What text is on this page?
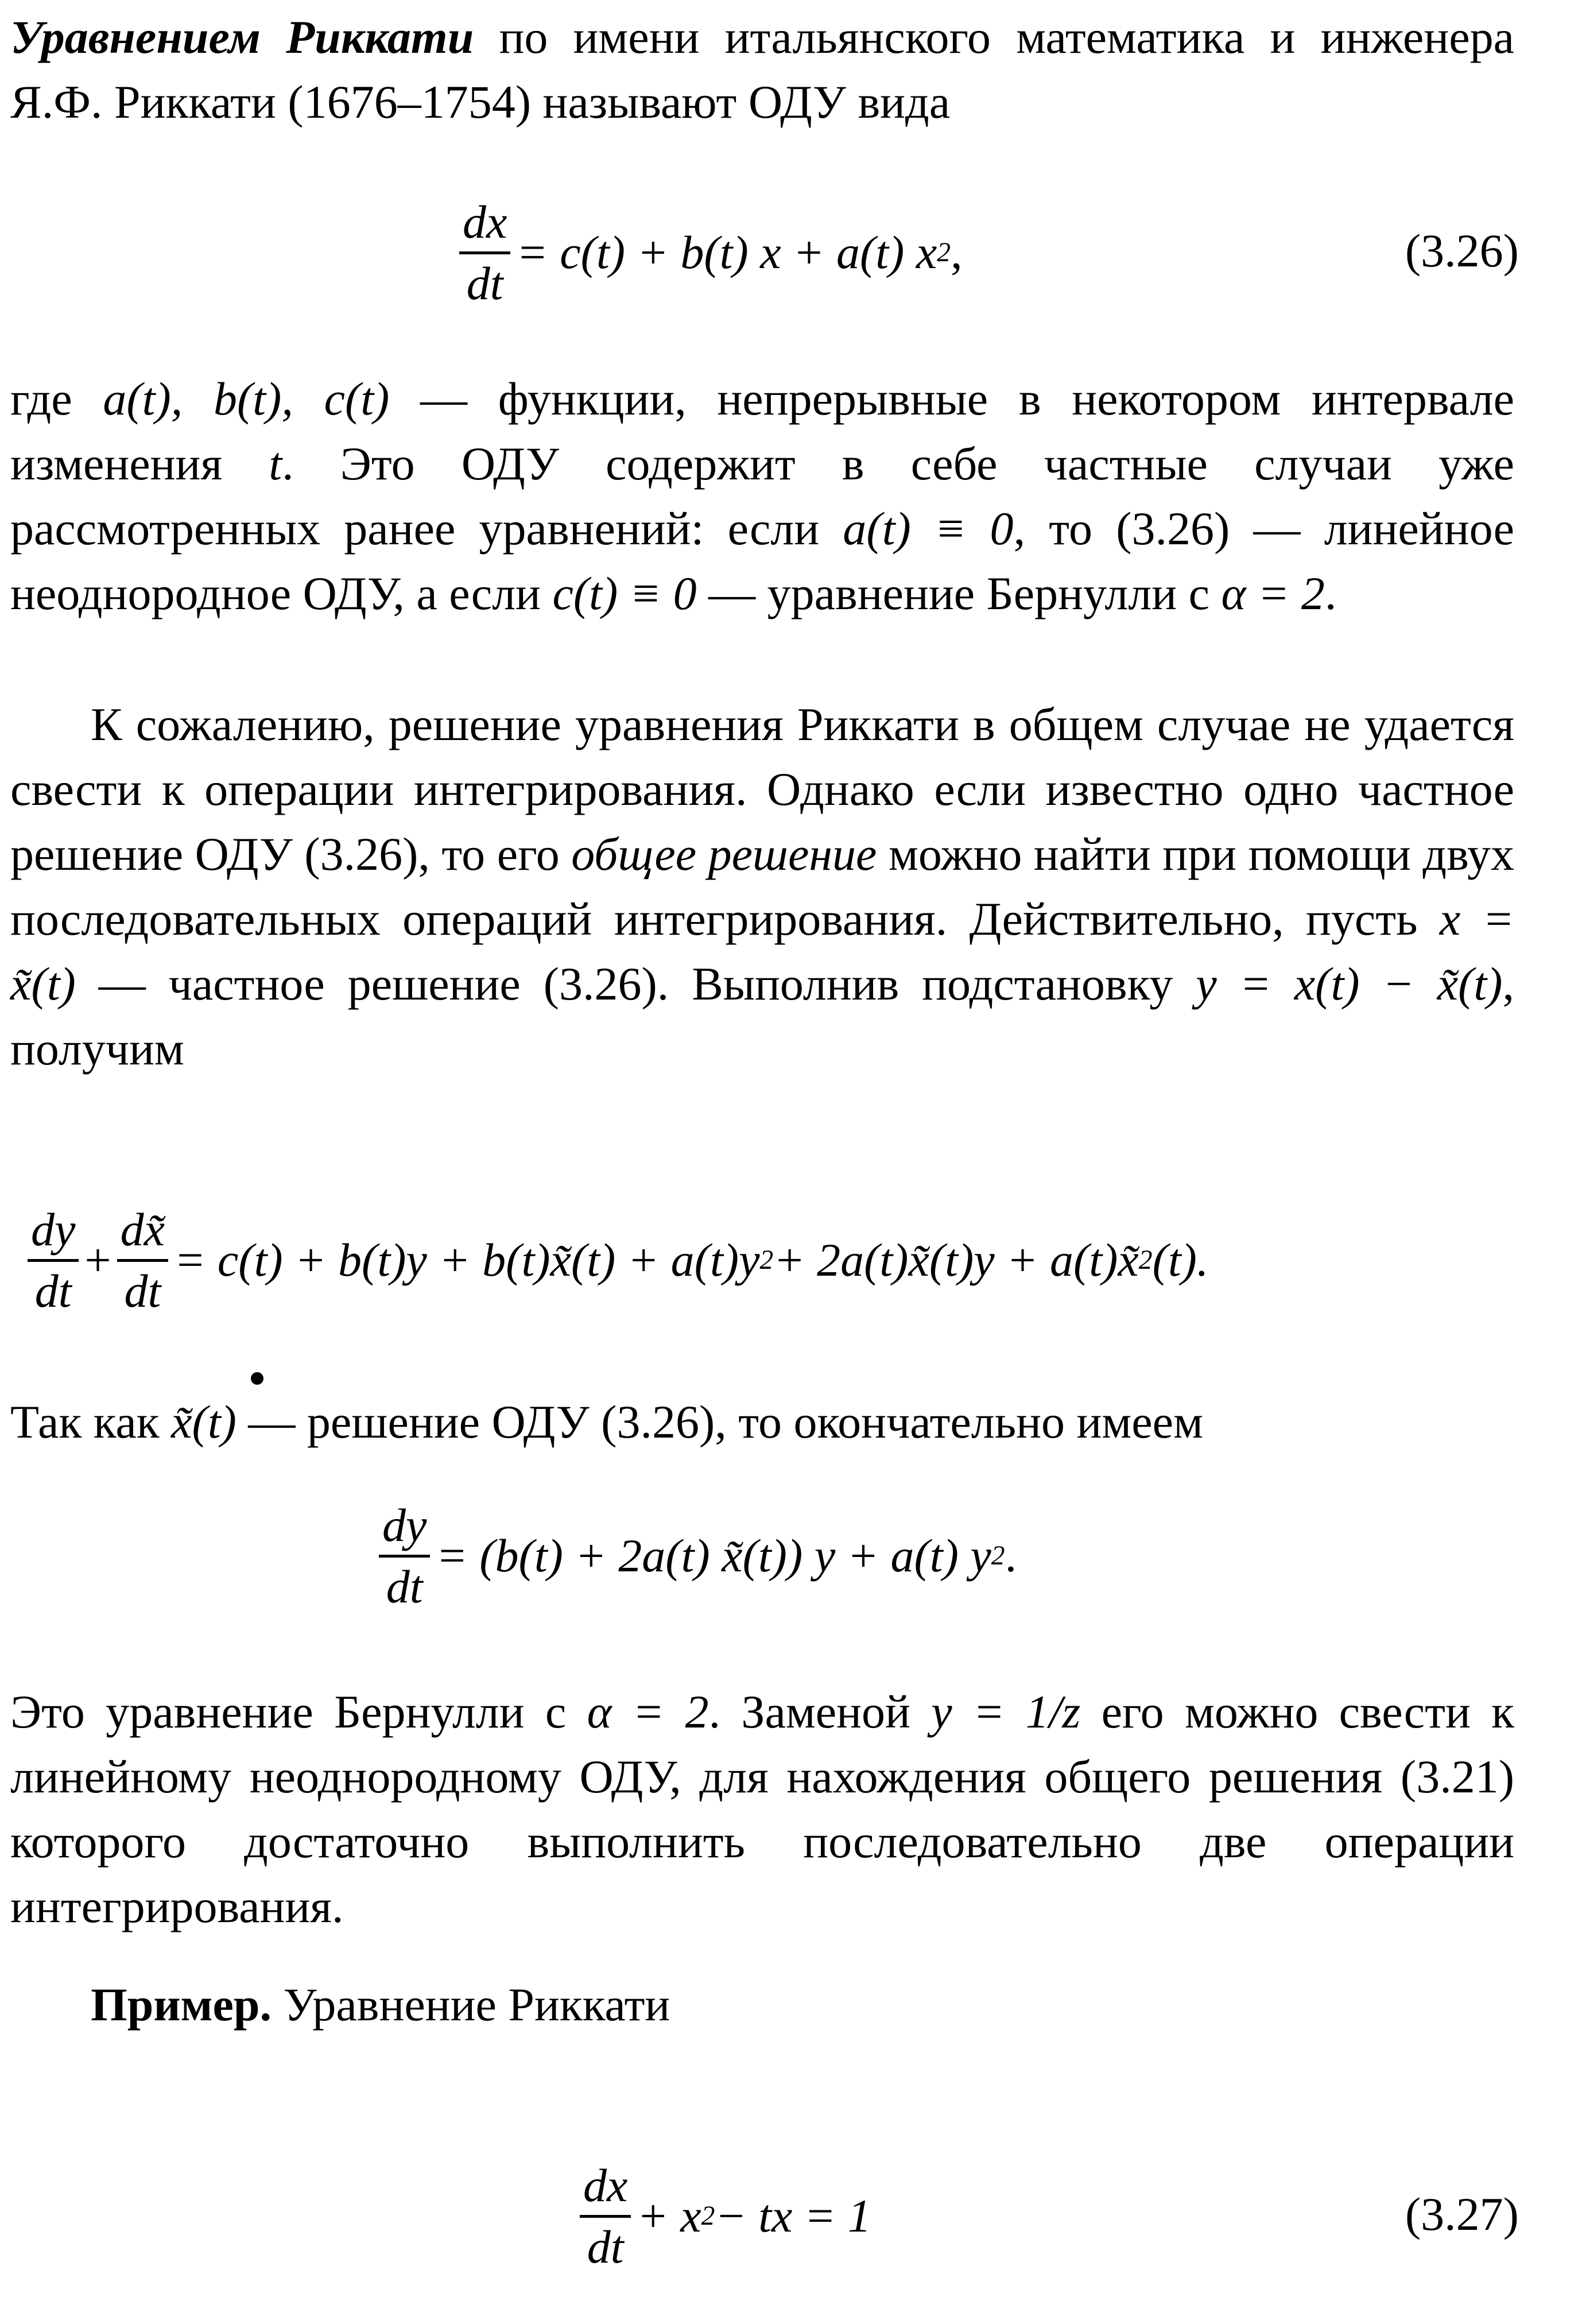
Уравнением Риккати по имени итальянского математика и инженера Я.Ф. Риккати (1676–1754) называют ОДУ вида

$\frac{dx}{dt} = c(t) + b(t) x + a(t)$ x 2 ,	(3.26)

где a(t), b(t), c(t) — функции, непрерывные в некотором интервале изменения t. Это ОДУ содержит в себе частные случаи уже рассмотренных ранее уравнений: если a(t) ≡ 0, то (3.26) — линейное неоднородное ОДУ, а если c(t) ≡ 0 — уравнение Бернулли с α = 2.

К сожалению, решение уравнения Риккати в общем случае не удается свести к операции интегрирования. Однако если известно одно частное решение ОДУ (3.26), то его общее решение можно найти при помощи двух последовательных операций интегрирования. Действительно, пусть x = x̃(t) — частное решение (3.26). Выполнив подстановку y = x(t) − x̃(t), получим

$\frac{dy}{dt} + \frac{dx̃}{dt} = c(t) + b(t)y$ + b(t)x̃(t) + a(t)y 2 + 2a(t)x̃(t)y + a(t)x̃ 2 (t).

Так как x̃(t) — решение ОДУ (3.26), то окончательно имеем

$\frac{dy}{dt} = (b(t) + 2a(t)$ x̃(t)) y + a(t) y 2 .

Это уравнение Бернулли с α = 2. Заменой y = 1/z его можно свести к линейному неоднородному ОДУ, для нахождения общего решения (3.21) которого достаточно выполнить последовательно две операции интегрирования.

Пример. Уравнение Риккати

$\frac{dx}{dt} + x$ 2 − tx = 1	(3.27)
